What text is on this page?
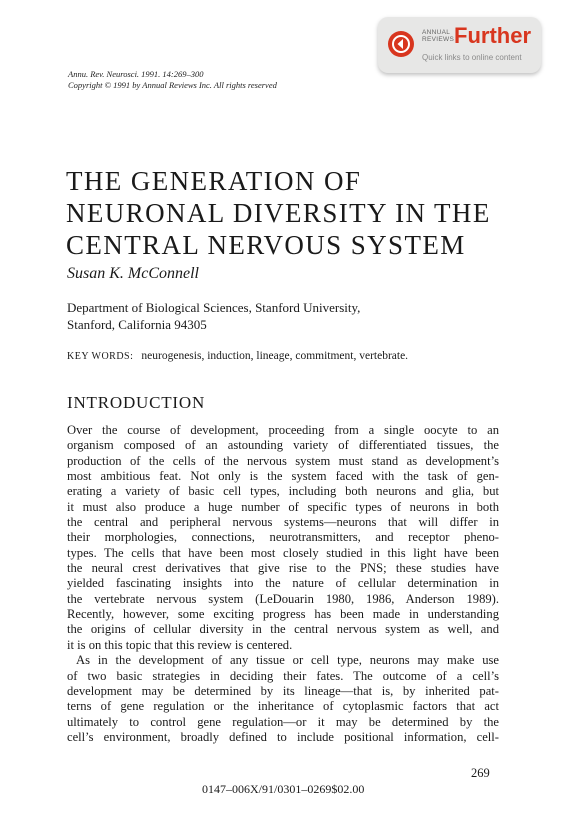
ANNUAL
REVIEWS Further
Quick links to online content
Annu. Rev. Neurosci. 1991. 14:269–300
Copyright © 1991 by Annual Reviews Inc. All rights reserved
THE GENERATION OF
NEURONAL DIVERSITY IN THE
CENTRAL NERVOUS SYSTEM
Susan K. McConnell
Department of Biological Sciences, Stanford University,
Stanford, California 94305
KEY WORDS: neurogenesis, induction, lineage, commitment, vertebrate.
INTRODUCTION
Over the course of development, proceeding from a single oocyte to an
organism composed of an astounding variety of differentiated tissues, the
production of the cells of the nervous system must stand as development’s
most ambitious feat. Not only is the system faced with the task of gen-
erating a variety of basic cell types, including both neurons and glia, but
it must also produce a huge number of specific types of neurons in both
the central and peripheral nervous systems—neurons that will differ in
their morphologies, connections, neurotransmitters, and receptor pheno-
types. The cells that have been most closely studied in this light have been
the neural crest derivatives that give rise to the PNS; these studies have
yielded fascinating insights into the nature of cellular determination in
the vertebrate nervous system (LeDouarin 1980, 1986, Anderson 1989).
Recently, however, some exciting progress has been made in understanding
the origins of cellular diversity in the central nervous system as well, and
it is on this topic that this review is centered.
As in the development of any tissue or cell type, neurons may make use
of two basic strategies in deciding their fates. The outcome of a cell’s
development may be determined by its lineage—that is, by inherited pat-
terns of gene regulation or the inheritance of cytoplasmic factors that act
ultimately to control gene regulation—or it may be determined by the
cell’s environment, broadly defined to include positional information, cell-
269
0147–006X/91/0301–0269$02.00
